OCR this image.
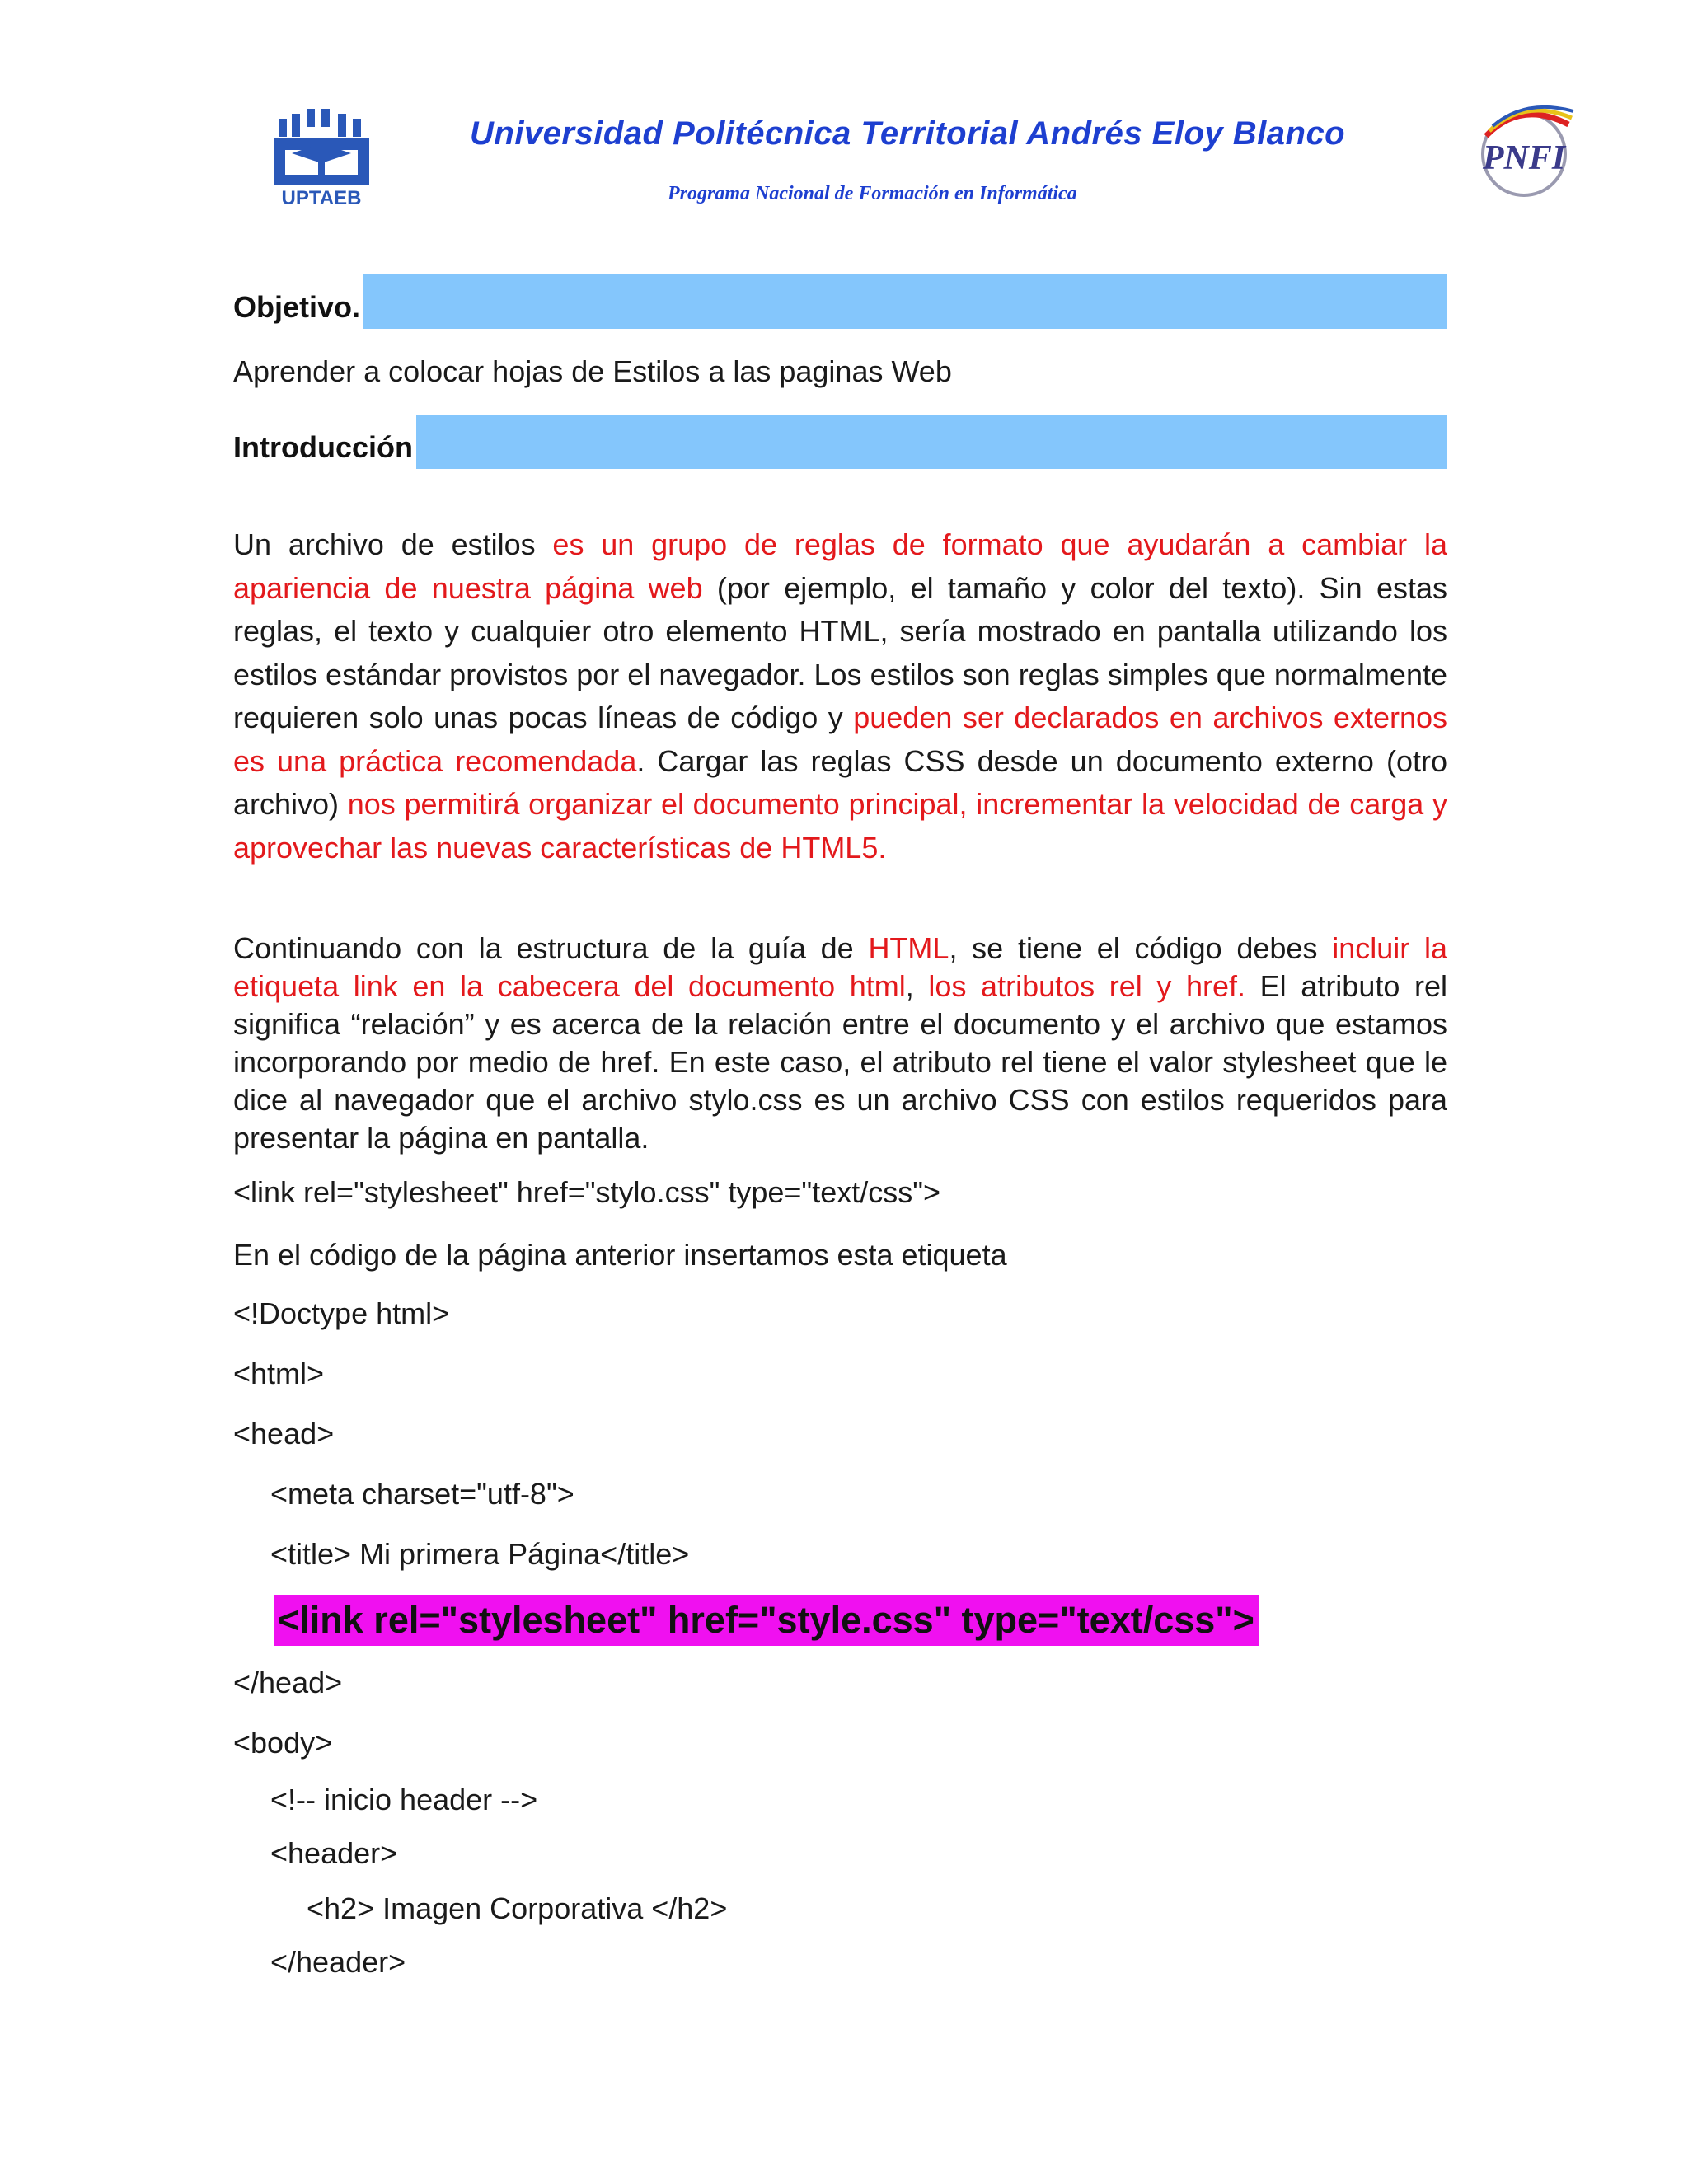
UPTAEB
Universidad Politécnica Territorial Andrés Eloy Blanco
Programa Nacional de Formación en Informática
PNFI
Objetivo.
Aprender a colocar hojas de Estilos a las paginas Web
Introducción
Un archivo de estilos es un grupo de reglas de formato que ayudarán a cambiar la apariencia de nuestra página web (por ejemplo, el tamaño y color del texto). Sin estas reglas, el texto y cualquier otro elemento HTML, sería mostrado en pantalla utilizando los estilos estándar provistos por el navegador. Los estilos son reglas simples que normalmente requieren solo unas pocas líneas de código y pueden ser declarados en archivos externos es una práctica recomendada. Cargar las reglas CSS desde un documento externo (otro archivo) nos permitirá organizar el documento principal, incrementar la velocidad de carga y aprovechar las nuevas características de HTML5.
Continuando con la estructura de la guía de HTML, se tiene el código debes incluir la etiqueta link en la cabecera del documento html, los atributos rel y href. El atributo rel significa “relación” y es acerca de la relación entre el documento y el archivo que estamos incorporando por medio de href. En este caso, el atributo rel tiene el valor stylesheet que le dice al navegador que el archivo stylo.css es un archivo CSS con estilos requeridos para presentar la página en pantalla.
<link rel="stylesheet" href="stylo.css" type="text/css">
En el código de la página anterior insertamos esta etiqueta
<!Doctype html>
<html>
<head>
<meta charset="utf-8">
<title> Mi primera Página</title>
<link rel="stylesheet" href="style.css" type="text/css">
</head>
<body>
<!-- inicio header -->
<header>
<h2> Imagen Corporativa </h2>
</header>
